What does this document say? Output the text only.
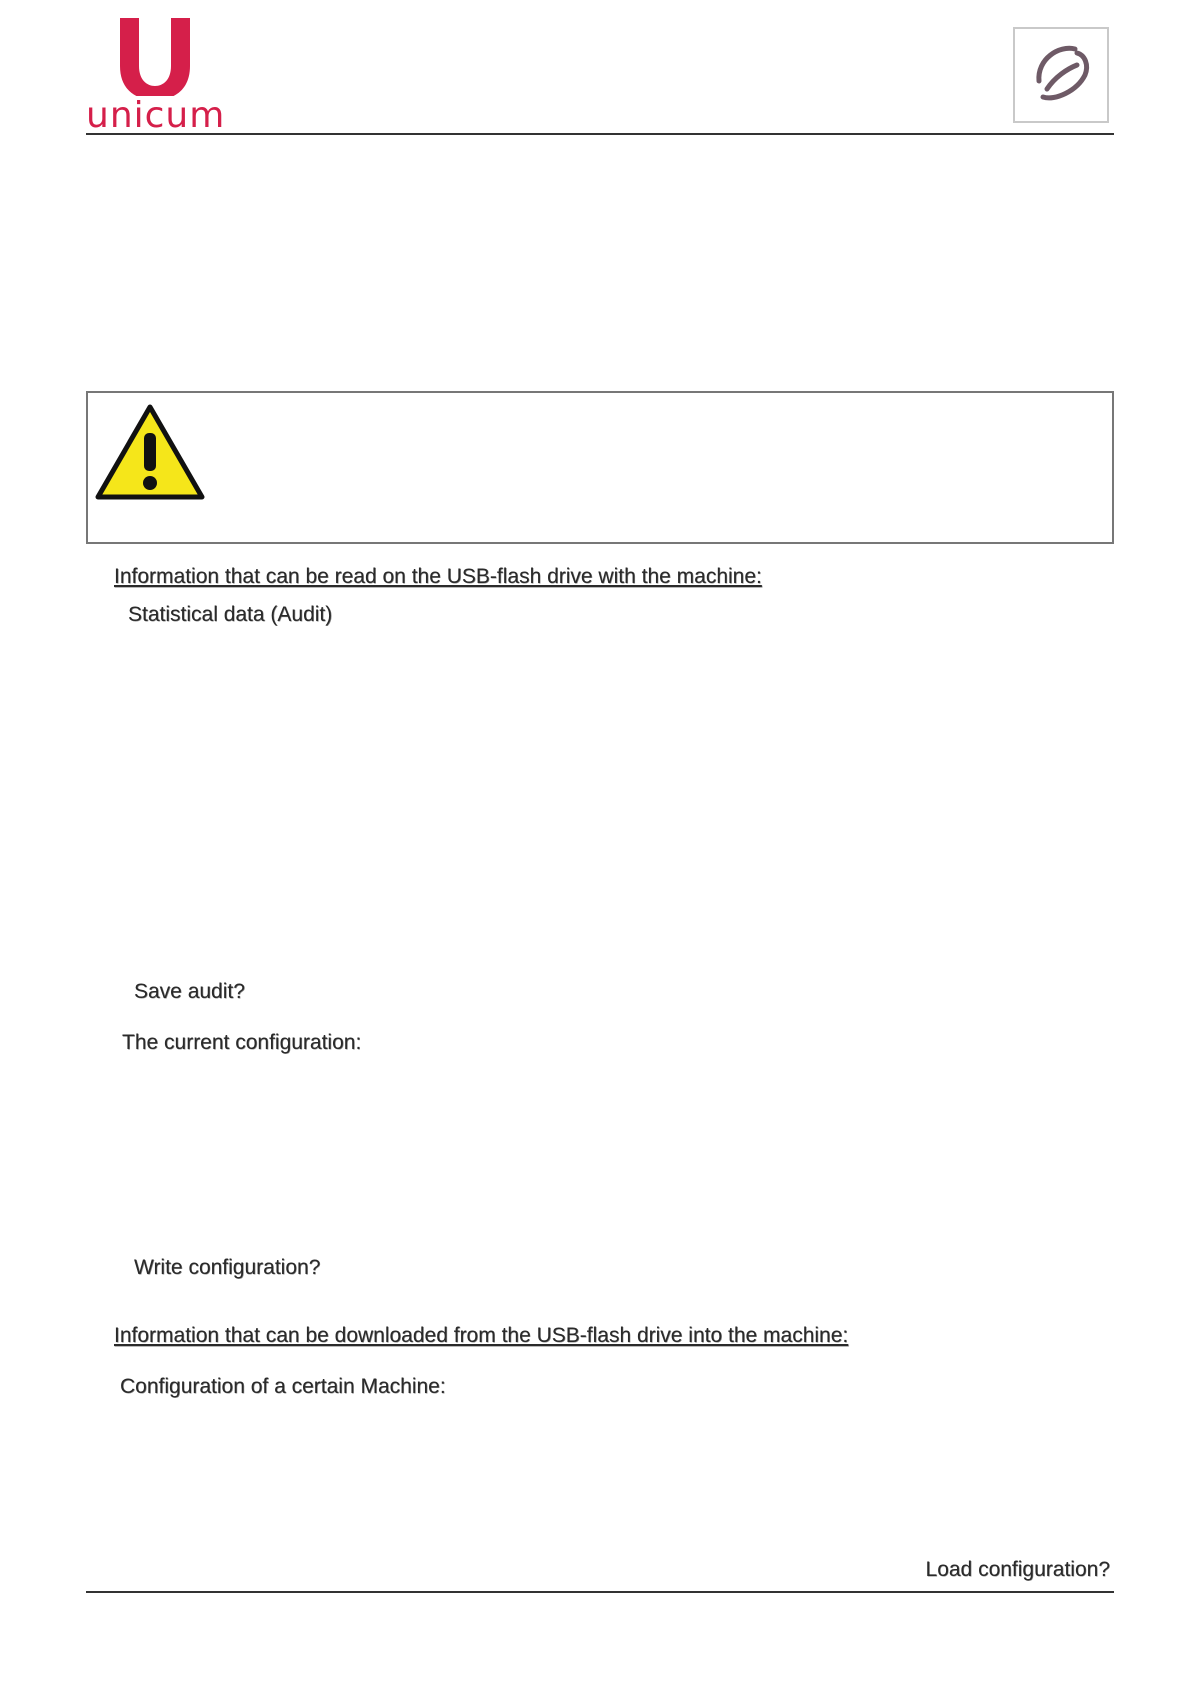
unicum
Information that can be read on the USB-flash drive with the machine:
Statistical data (Audit)
Save audit?
The current configuration:
Write configuration?
Information that can be downloaded from the USB-flash drive into the machine:
Configuration of a certain Machine:
Load configuration?
